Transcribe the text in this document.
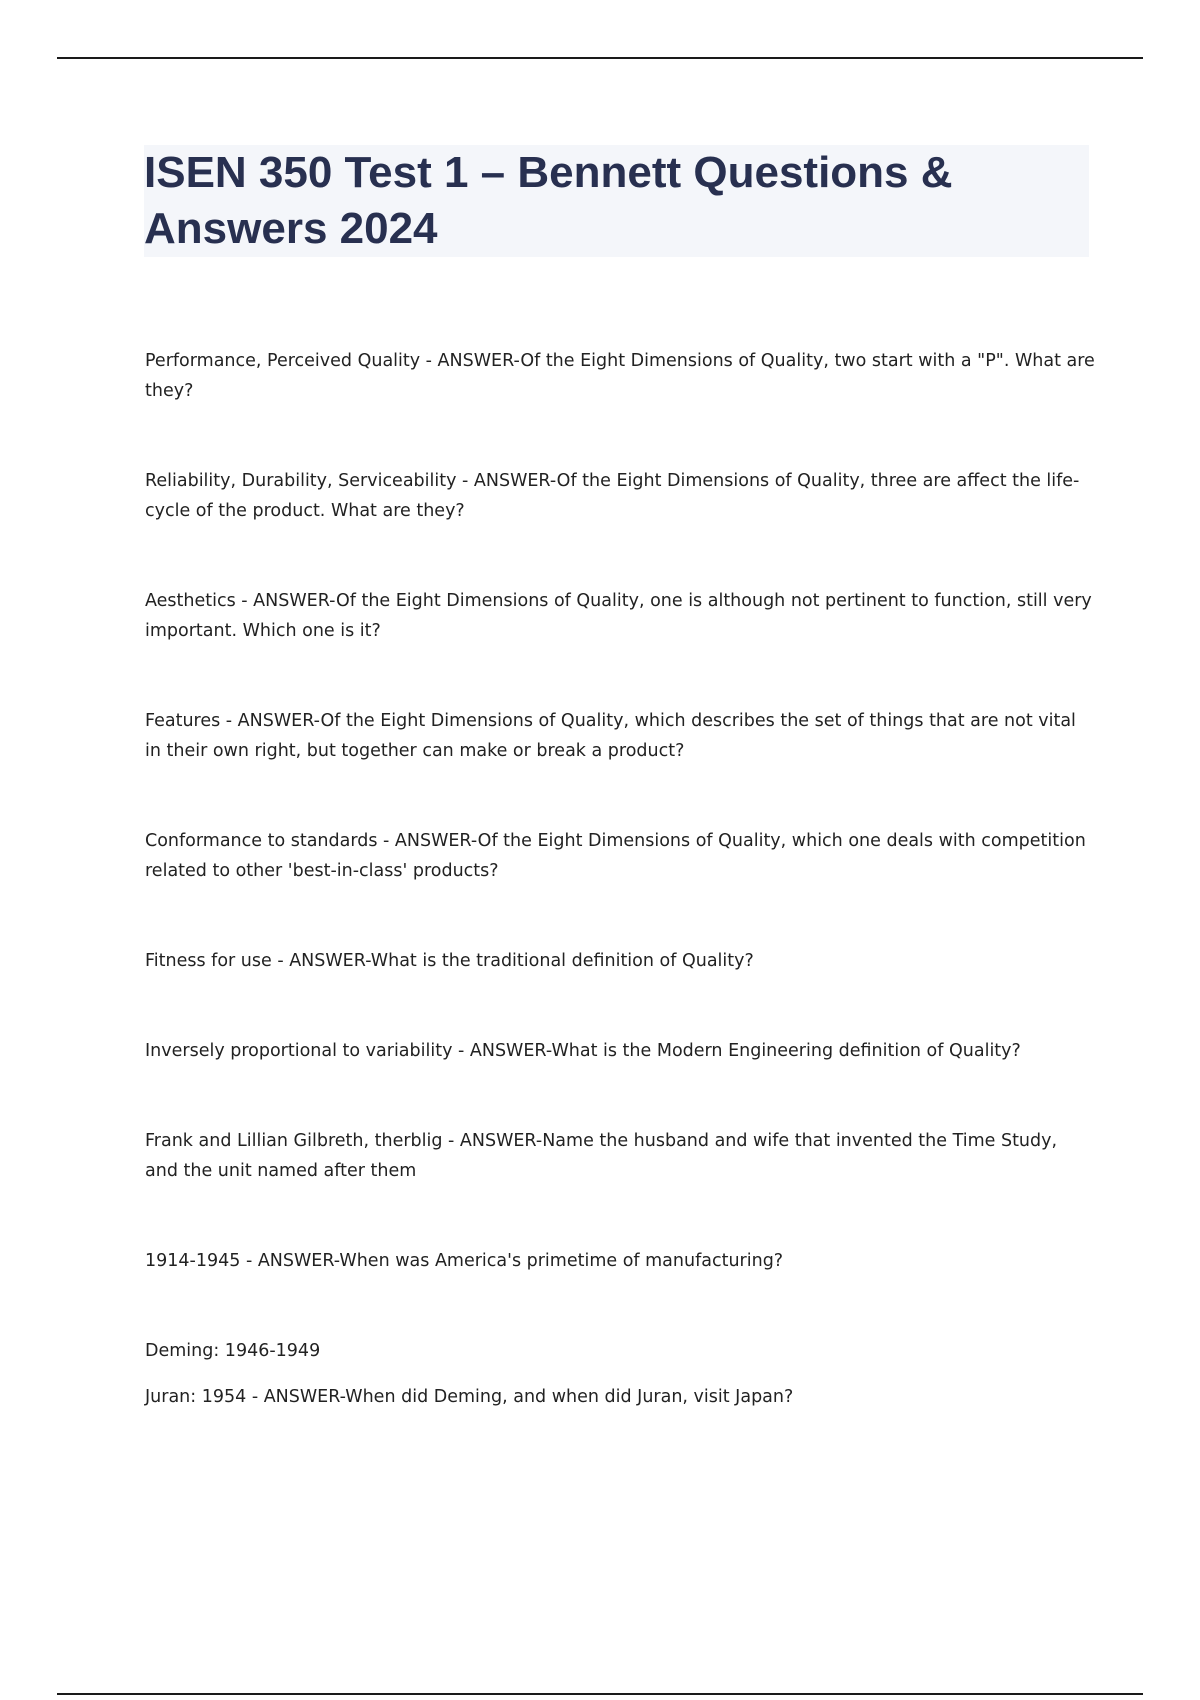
ISEN 350 Test 1 – Bennett Questions & Answers 2024

Performance, Perceived Quality - ANSWER-Of the Eight Dimensions of Quality, two start with a "P". What are they?

Reliability, Durability, Serviceability - ANSWER-Of the Eight Dimensions of Quality, three are affect the life-cycle of the product. What are they?

Aesthetics - ANSWER-Of the Eight Dimensions of Quality, one is although not pertinent to function, still very important. Which one is it?

Features - ANSWER-Of the Eight Dimensions of Quality, which describes the set of things that are not vital in their own right, but together can make or break a product?

Conformance to standards - ANSWER-Of the Eight Dimensions of Quality, which one deals with competition related to other 'best-in-class' products?

Fitness for use - ANSWER-What is the traditional definition of Quality?

Inversely proportional to variability - ANSWER-What is the Modern Engineering definition of Quality?

Frank and Lillian Gilbreth, therblig - ANSWER-Name the husband and wife that invented the Time Study, and the unit named after them

1914-1945 - ANSWER-When was America's primetime of manufacturing?

Deming: 1946-1949

Juran: 1954 - ANSWER-When did Deming, and when did Juran, visit Japan?
